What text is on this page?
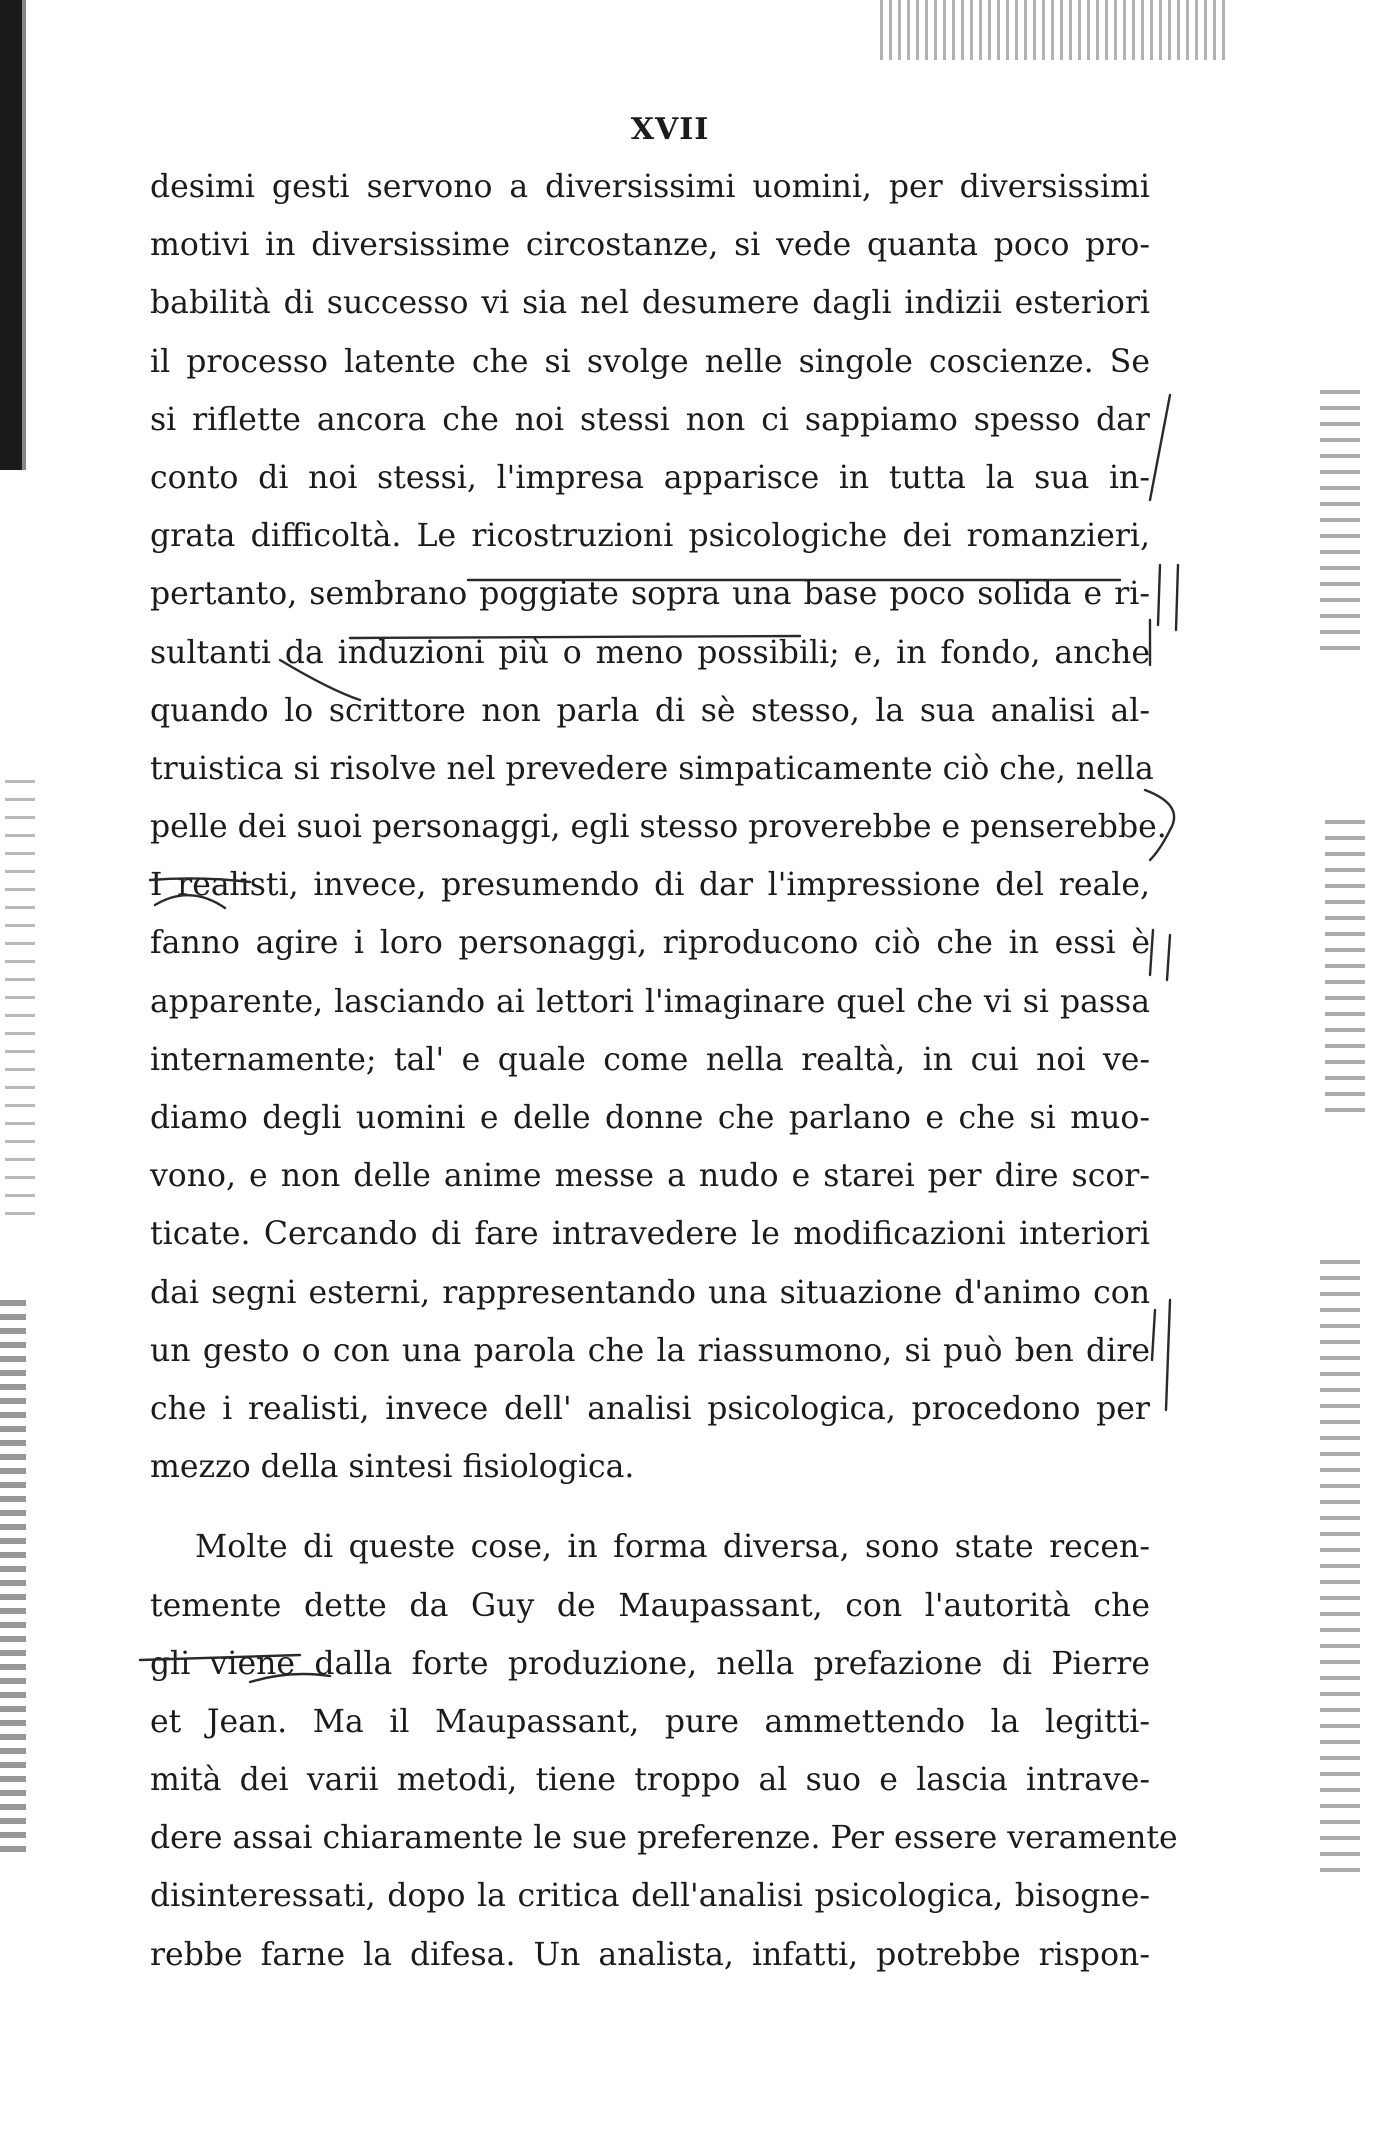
XVII
desimi gesti servono a diversissimi uomini, per diversissimi
motivi in diversissime circostanze, si vede quanta poco pro-
babilità di successo vi sia nel desumere dagli indizii esteriori
il processo latente che si svolge nelle singole coscienze. Se
si riflette ancora che noi stessi non ci sappiamo spesso dar
conto di noi stessi, l'impresa apparisce in tutta la sua in-
grata difficoltà. Le ricostruzioni psicologiche dei romanzieri,
pertanto, sembrano poggiate sopra una base poco solida e ri-
sultanti da induzioni più o meno possibili; e, in fondo, anche
quando lo scrittore non parla di sè stesso, la sua analisi al-
truistica si risolve nel prevedere simpaticamente ciò che, nella
pelle dei suoi personaggi, egli stesso proverebbe e penserebbe.
I realisti, invece, presumendo di dar l'impressione del reale,
fanno agire i loro personaggi, riproducono ciò che in essi è
apparente, lasciando ai lettori l'imaginare quel che vi si passa
internamente; tal' e quale come nella realtà, in cui noi ve-
diamo degli uomini e delle donne che parlano e che si muo-
vono, e non delle anime messe a nudo e starei per dire scor-
ticate. Cercando di fare intravedere le modificazioni interiori
dai segni esterni, rappresentando una situazione d'animo con
un gesto o con una parola che la riassumono, si può ben dire
che i realisti, invece dell' analisi psicologica, procedono per
mezzo della sintesi fisiologica.
Molte di queste cose, in forma diversa, sono state recen-
temente dette da Guy de Maupassant, con l'autorità che
gli viene dalla forte produzione, nella prefazione di Pierre
et Jean. Ma il Maupassant, pure ammettendo la legitti-
mità dei varii metodi, tiene troppo al suo e lascia intrave-
dere assai chiaramente le sue preferenze. Per essere veramente
disinteressati, dopo la critica dell'analisi psicologica, bisogne-
rebbe farne la difesa. Un analista, infatti, potrebbe rispon-
